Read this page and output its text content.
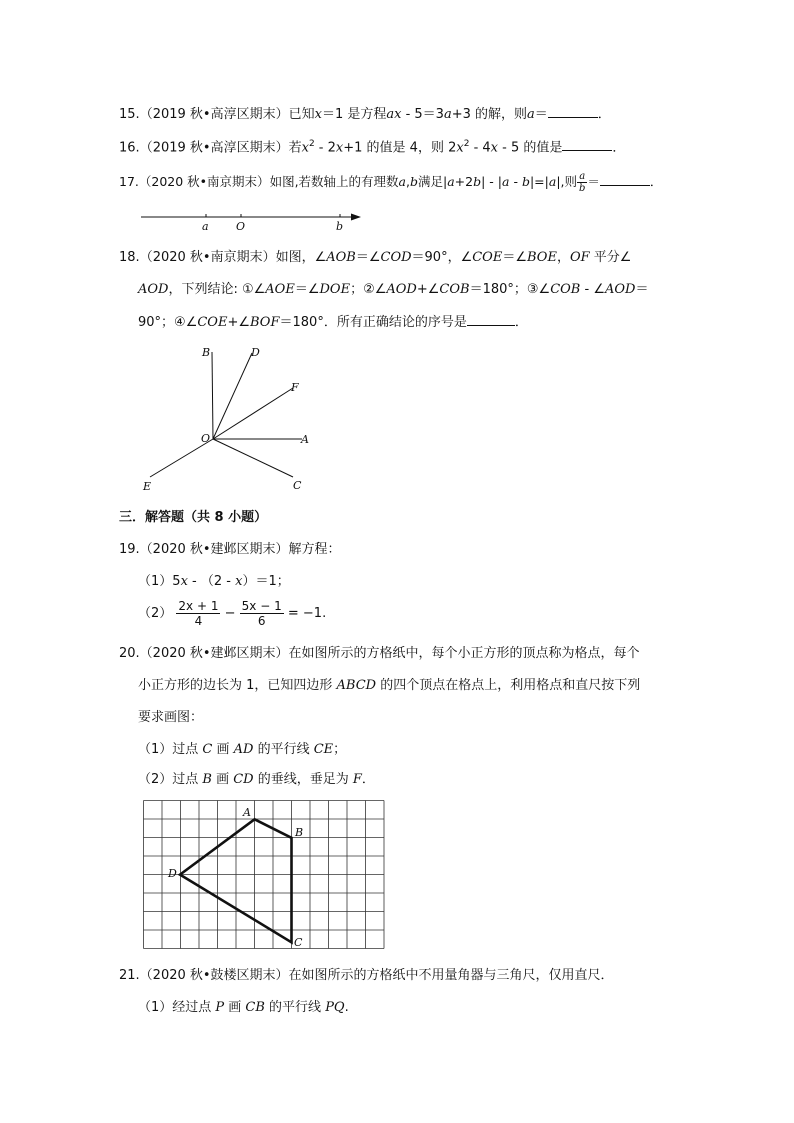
15.（2019 秋•高淳区期末）已知x＝1 是方程ax - 5＝3a+3 的解，则a＝	．
16.（2019 秋•高淳区期末）若$x^2 - 2x+1$ 的值是 4，则 $2x^2 - 4x - 5$ 的值是	．
17.（2020 秋•南京期末）如图,若数轴上的有理数a,b满足|a+2b| - |a - b|=|a|,则 $\frac{a}{b}$ ＝	．
a O	b
18.（2020 秋•南京期末）如图，∠AOB＝∠COD＝90°，∠COE＝∠BOE，OF 平分∠
AOD，下列结论: ①∠AOE＝∠DOE；②∠AOD+∠COB＝180°；③∠COB - ∠AOD＝
90°；④∠COE+∠BOF＝180°．所有正确结论的序号是	．
B	D
F
O	A
E	C
三．解答题（共 8 小题）
19.（2020 秋•建邺区期末）解方程：
（1）5x - （2 - x）＝1；
$(2) \frac{2x + 1}{4} - \frac{5x - 1}{6} = -1$.
20.（2020 秋•建邺区期末）在如图所示的方格纸中，每个小正方形的顶点称为格点，每个
小正方形的边长为 1，已知四边形 ABCD 的四个顶点在格点上，利用格点和直尺按下列
要求画图：
（1）过点 C 画 AD 的平行线 CE；
（2）过点 B 画 CD 的垂线，垂足为 F．
A
B
C
D
21.（2020 秋•鼓楼区期末）在如图所示的方格纸中不用量角器与三角尺，仅用直尺．
（1）经过点 P 画 CB 的平行线 PQ.
